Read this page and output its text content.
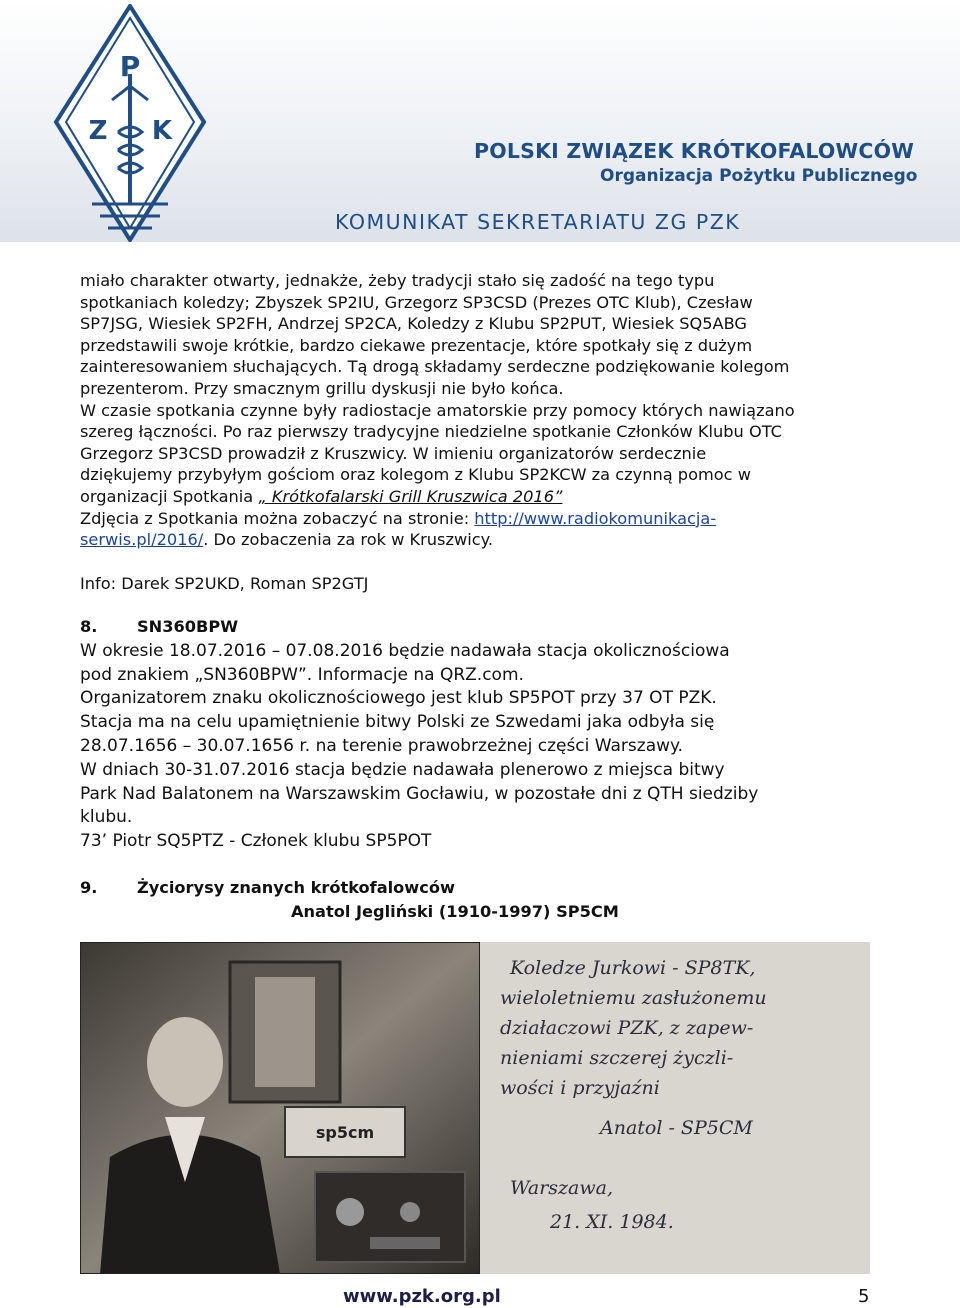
P
Z K
POLSKI ZWIĄZEK KRÓTKOFALOWCÓW
Organizacja Pożytku Publicznego
KOMUNIKAT SEKRETARIATU ZG PZK
miało charakter otwarty, jednakże, żeby tradycji stało się zadość na tego typu
spotkaniach koledzy; Zbyszek SP2IU, Grzegorz SP3CSD (Prezes OTC Klub), Czesław
SP7JSG, Wiesiek SP2FH, Andrzej SP2CA, Koledzy z Klubu SP2PUT, Wiesiek SQ5ABG
przedstawili swoje krótkie, bardzo ciekawe prezentacje, które spotkały się z dużym
zainteresowaniem słuchających. Tą drogą składamy serdeczne podziękowanie kolegom
prezenterom. Przy smacznym grillu dyskusji nie było końca.
W czasie spotkania czynne były radiostacje amatorskie przy pomocy których nawiązano
szereg łączności. Po raz pierwszy tradycyjne niedzielne spotkanie Członków Klubu OTC
Grzegorz SP3CSD prowadził z Kruszwicy. W imieniu organizatorów serdecznie
dziękujemy przybyłym gościom oraz kolegom z Klubu SP2KCW za czynną pomoc w
organizacji Spotkania „ Krótkofalarski Grill Kruszwica 2016”
Zdjęcia z Spotkania można zobaczyć na stronie: http://www.radiokomunikacja-
serwis.pl/2016/. Do zobaczenia za rok w Kruszwicy.
Info: Darek SP2UKD, Roman SP2GTJ
8. SN360BPW
W okresie 18.07.2016 – 07.08.2016 będzie nadawała stacja okolicznościowa
pod znakiem „SN360BPW”. Informacje na QRZ.com.
Organizatorem znaku okolicznościowego jest klub SP5POT przy 37 OT PZK.
Stacja ma na celu upamiętnienie bitwy Polski ze Szwedami jaka odbyła się
28.07.1656 – 30.07.1656 r. na terenie prawobrzeżnej części Warszawy.
W dniach 30-31.07.2016 stacja będzie nadawała plenerowo z miejsca bitwy
Park Nad Balatonem na Warszawskim Gocławiu, w pozostałe dni z QTH siedziby
klubu.
73’ Piotr SQ5PTZ - Członek klubu SP5POT
9. Życiorysy znanych krótkofalowców
Anatol Jegliński (1910-1997) SP5CM
sp5cm
Koledze Jurkowi - SP8TK,
wieloletniemu zasłużonemu
działaczowi PZK, z zapew-
nieniami szczerej życzli-
wości i przyjaźni
Anatol - SP5CM
Warszawa,
21. XI. 1984.
www.pzk.org.pl	5
